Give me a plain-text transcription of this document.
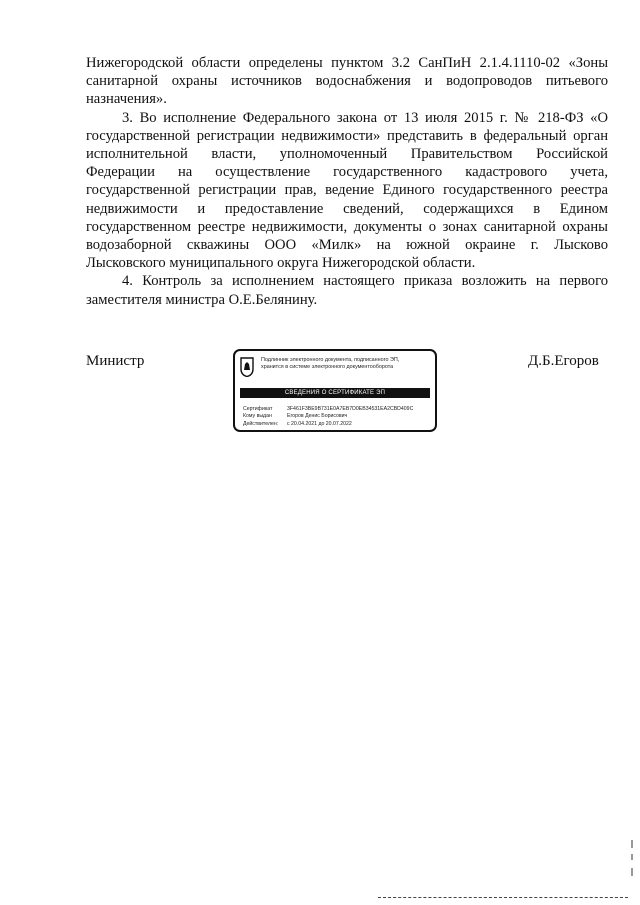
Нижегородской области определены пунктом 3.2 СанПиН 2.1.4.1110-02 «Зоны
санитарной охраны источников водоснабжения и водопроводов питьевого
назначения».

3. Во исполнение Федерального закона от 13 июля 2015 г. № 218-ФЗ «О
государственной регистрации недвижимости» представить в федеральный орган
исполнительной власти, уполномоченный Правительством Российской
Федерации на осуществление государственного кадастрового учета,
государственной регистрации прав, ведение Единого государственного реестра
недвижимости и предоставление сведений, содержащихся в Едином
государственном реестре недвижимости, документы о зонах санитарной охраны
водозаборной скважины ООО «Милк» на южной окраине г. Лысково
Лысковского муниципального округа Нижегородской области.

4. Контроль за исполнением настоящего приказа возложить на первого
заместителя министра О.Е.Белянину.

Министр	Д.Б.Егоров
Подлинник электронного документа, подписанного ЭП,
хранится в системе электронного документооборота
СВЕДЕНИЯ О СЕРТИФИКАТЕ ЭП
Сертификат	3F461F3BE9B731E0A7EB7D0EB34531EA2CBD409C
Кому выдан	Егоров Денис Борисович
Действителен: с 20.04.2021 до 20.07.2022
